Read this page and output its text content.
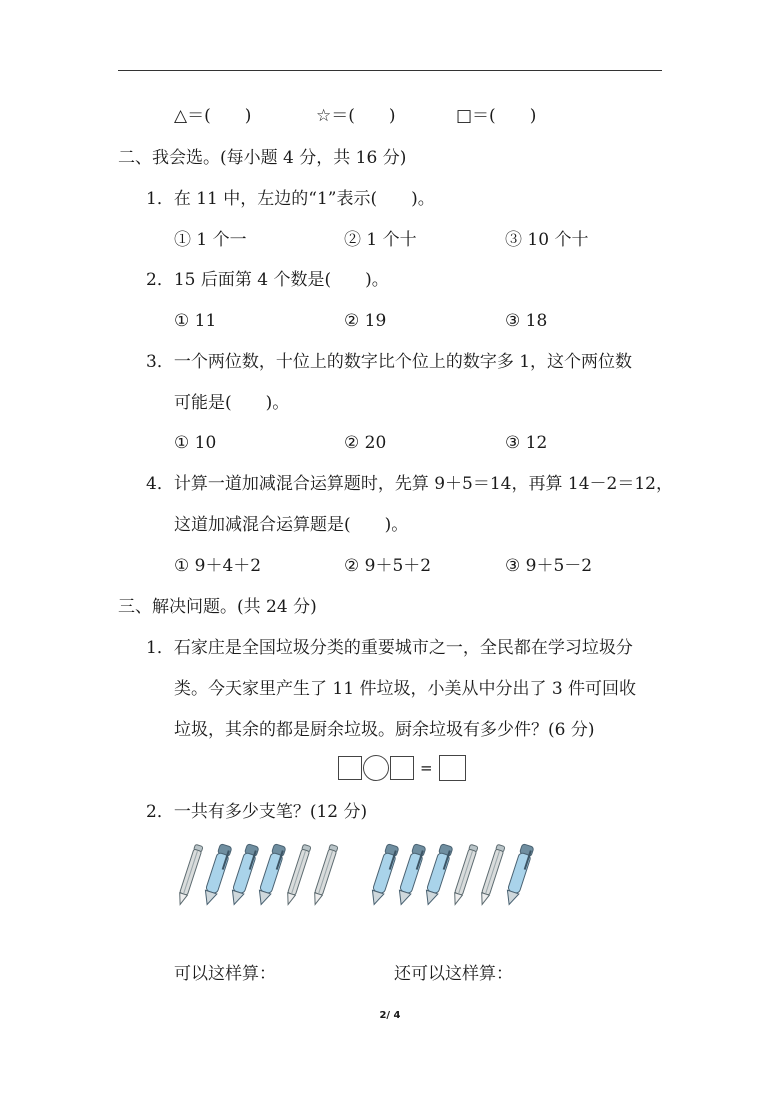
△＝(　　)	☆＝(　　)	□＝(　　)
二、我会选。(每小题 4 分，共 16 分)
1．在 11 中，左边的“1”表示(　　)。
① 1 个一	② 1 个十	③ 10 个十
2．15 后面第 4 个数是(　　)。
① 11	② 19	③ 18
3．一个两位数，十位上的数字比个位上的数字多 1，这个两位数
可能是(　　)。
① 10	② 20	③ 12
4．计算一道加减混合运算题时，先算 9＋5＝14，再算 14－2＝12，
这道加减混合运算题是(　　)。
① 9＋4＋2	② 9＋5＋2	③ 9＋5－2
三、解决问题。(共 24 分)
1．石家庄是全国垃圾分类的重要城市之一，全民都在学习垃圾分
类。今天家里产生了 11 件垃圾，小美从中分出了 3 件可回收
垃圾，其余的都是厨余垃圾。厨余垃圾有多少件？(6 分)
=
2．一共有多少支笔？(12 分)
可以这样算：	还可以这样算：
2/ 4
